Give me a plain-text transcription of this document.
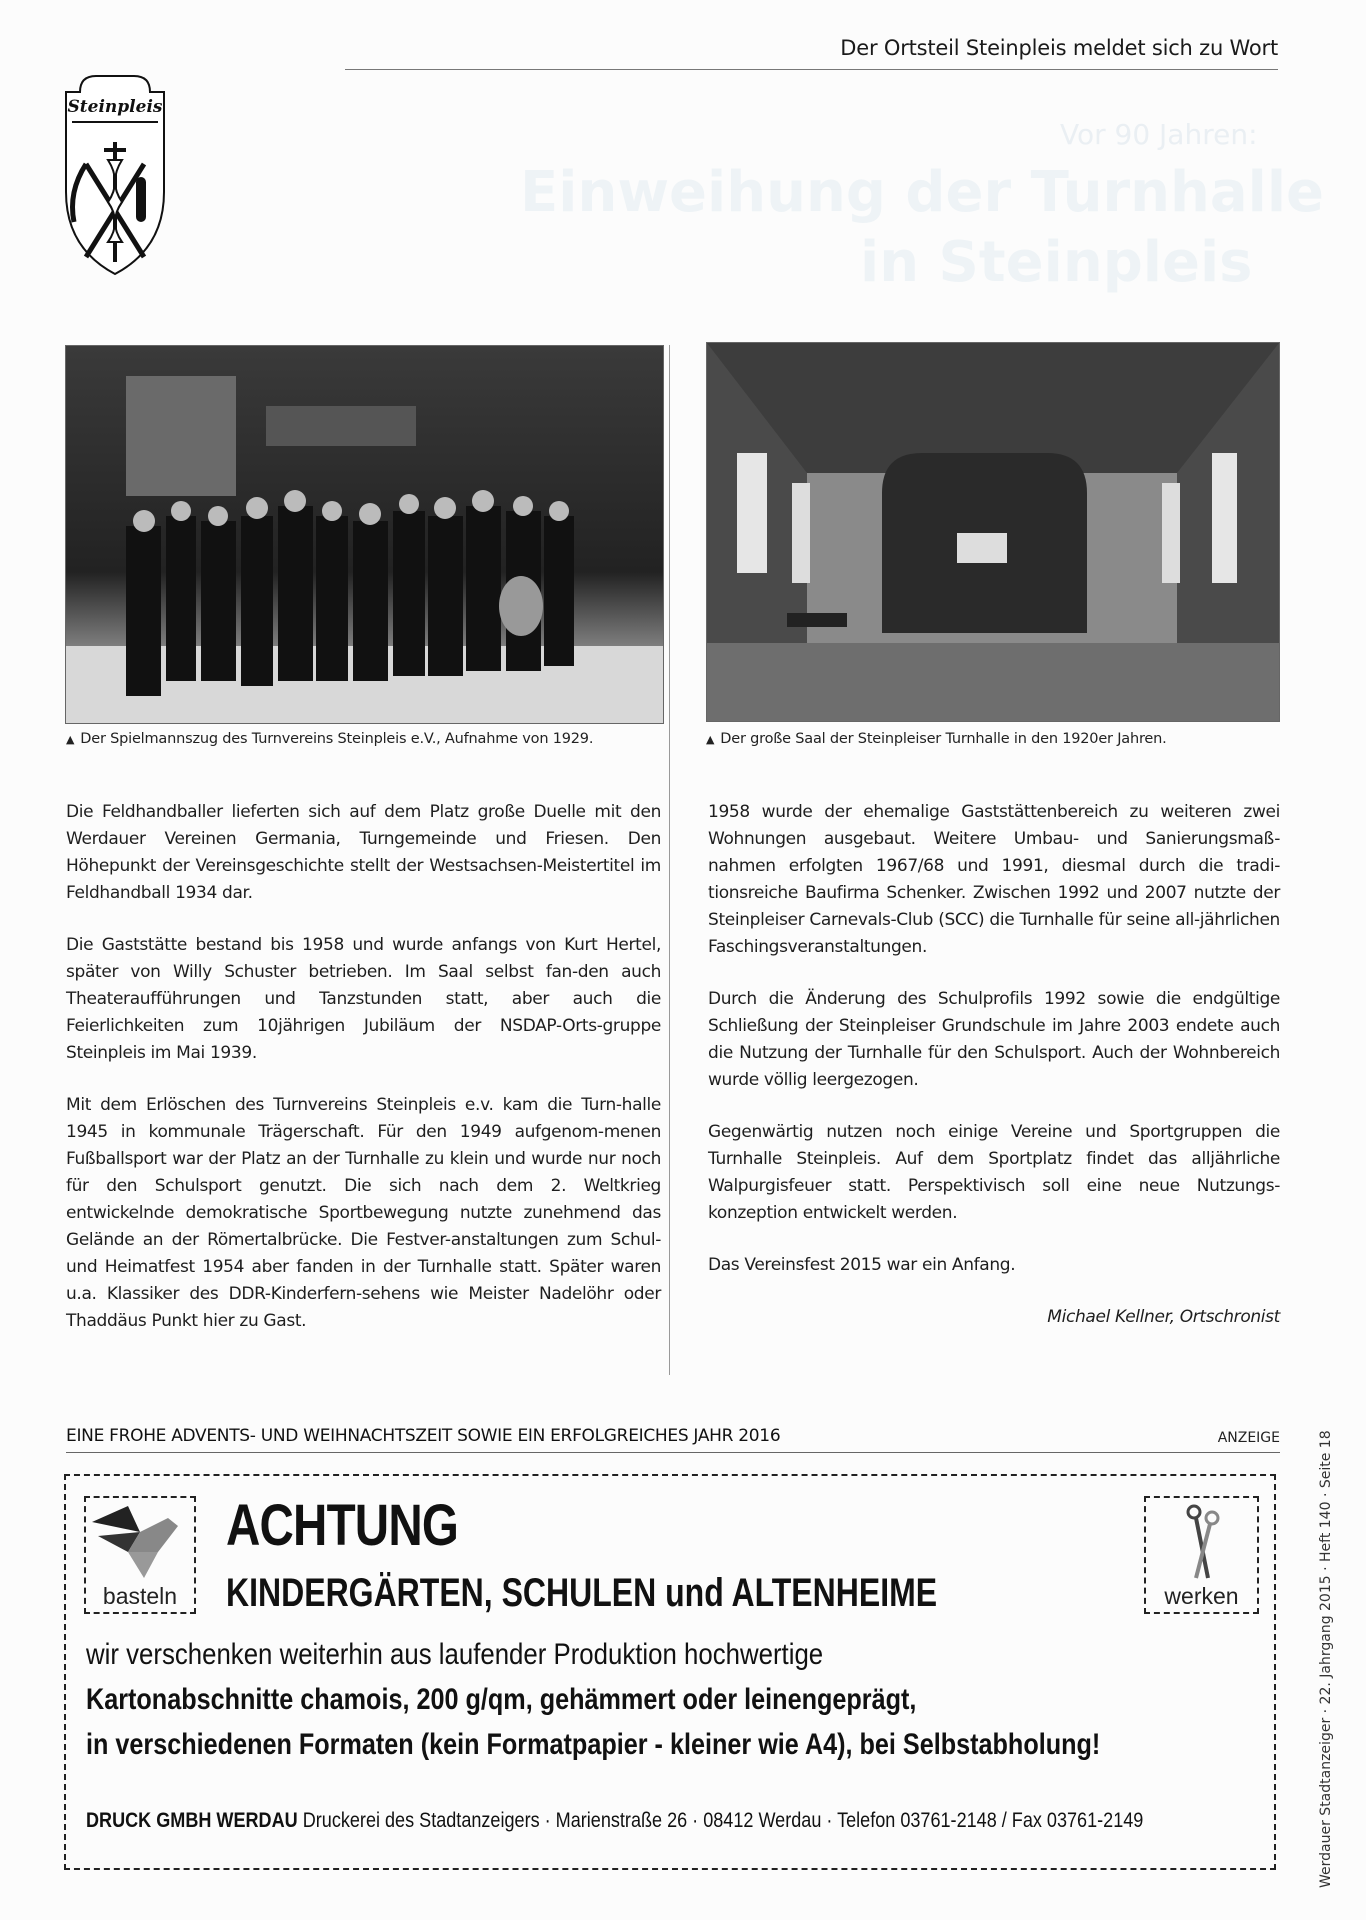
Der Ortsteil Steinpleis meldet sich zu Wort
Vor 90 Jahren:
Einweihung der Turnhalle
in Steinpleis
Steinpleis
▲ Der Spielmannszug des Turnvereins Steinpleis e.V., Aufnahme von 1929.	▲ Der große Saal der Steinpleiser Turnhalle in den 1920er Jahren.

Die Feldhandballer lieferten sich auf dem Platz große Duelle mit den Werdauer Vereinen Germania, Turngemeinde und Friesen. Den Höhepunkt der Vereinsgeschichte stellt der Westsachsen-Meistertitel im Feldhandball 1934 dar.

Die Gaststätte bestand bis 1958 und wurde anfangs von Kurt Hertel, später von Willy Schuster betrieben. Im Saal selbst fan-den auch Theateraufführungen und Tanzstunden statt, aber auch die Feierlichkeiten zum 10jährigen Jubiläum der NSDAP-Orts-gruppe Steinpleis im Mai 1939.

Mit dem Erlöschen des Turnvereins Steinpleis e.v. kam die Turn-halle 1945 in kommunale Trägerschaft. Für den 1949 aufgenom-menen Fußballsport war der Platz an der Turnhalle zu klein und wurde nur noch für den Schulsport genutzt. Die sich nach dem 2. Weltkrieg entwickelnde demokratische Sportbewegung nutzte zunehmend das Gelände an der Römertalbrücke. Die Festver-anstaltungen zum Schul- und Heimatfest 1954 aber fanden in der Turnhalle statt. Später waren u.a. Klassiker des DDR-Kinderfern-sehens wie Meister Nadelöhr oder Thaddäus Punkt hier zu Gast.

1958 wurde der ehemalige Gaststättenbereich zu weiteren zwei Wohnungen ausgebaut. Weitere Umbau- und Sanierungsmaß-nahmen erfolgten 1967/68 und 1991, diesmal durch die tradi-tionsreiche Baufirma Schenker. Zwischen 1992 und 2007 nutzte der Steinpleiser Carnevals-Club (SCC) die Turnhalle für seine all-jährlichen Faschingsveranstaltungen.

Durch die Änderung des Schulprofils 1992 sowie die endgültige Schließung der Steinpleiser Grundschule im Jahre 2003 endete auch die Nutzung der Turnhalle für den Schulsport. Auch der Wohnbereich wurde völlig leergezogen.

Gegenwärtig nutzen noch einige Vereine und Sportgruppen die Turnhalle Steinpleis. Auf dem Sportplatz findet das alljährliche Walpurgisfeuer statt. Perspektivisch soll eine neue Nutzungs-konzeption entwickelt werden.

Das Vereinsfest 2015 war ein Anfang.

Michael Kellner, Ortschronist

EINE FROHE ADVENTS- UND WEIHNACHTSZEIT SOWIE EIN ERFOLGREICHES JAHR 2016	ANZEIGE
basteln	werken
ACHTUNG
KINDERGÄRTEN, SCHULEN und ALTENHEIME
wir verschenken weiterhin aus laufender Produktion hochwertige
Kartonabschnitte chamois, 200 g/qm, gehämmert oder leinengeprägt,
in verschiedenen Formaten (kein Formatpapier - kleiner wie A4), bei Selbstabholung!
DRUCK GMBH WERDAU Druckerei des Stadtanzeigers · Marienstraße 26 · 08412 Werdau · Telefon 03761-2148 / Fax 03761-2149	Werdauer Stadtanzeiger · 22. Jahrgang 2015 · Heft 140 · Seite 18
